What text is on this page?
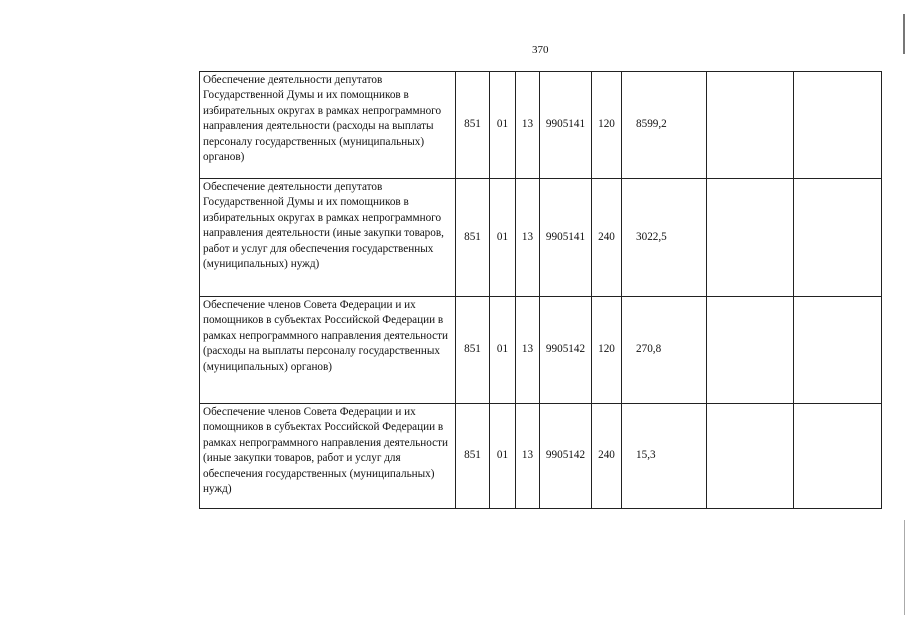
370
Обеспечение деятельности депутатов Государственной Думы и их помощников в избирательных округах в рамках непрограммного направления деятельности (расходы на выплаты персоналу государственных (муниципальных) органов)	851	01	13	9905141	120	8599,2		
Обеспечение деятельности депутатов Государственной Думы и их помощников в избирательных округах в рамках непрограммного направления деятельности (иные закупки товаров, работ и услуг для обеспечения государственных (муниципальных) нужд)	851	01	13	9905141	240	3022,5		
Обеспечение членов Совета Федерации и их помощников в субъектах Российской Федерации в рамках непрограммного направления деятельности (расходы на выплаты персоналу государственных (муниципальных) органов)	851	01	13	9905142	120	270,8		
Обеспечение членов Совета Федерации и их помощников в субъектах Российской Федерации в рамках непрограммного направления деятельности (иные закупки товаров, работ и услуг для обеспечения государственных (муниципальных) нужд)	851	01	13	9905142	240	15,3		
